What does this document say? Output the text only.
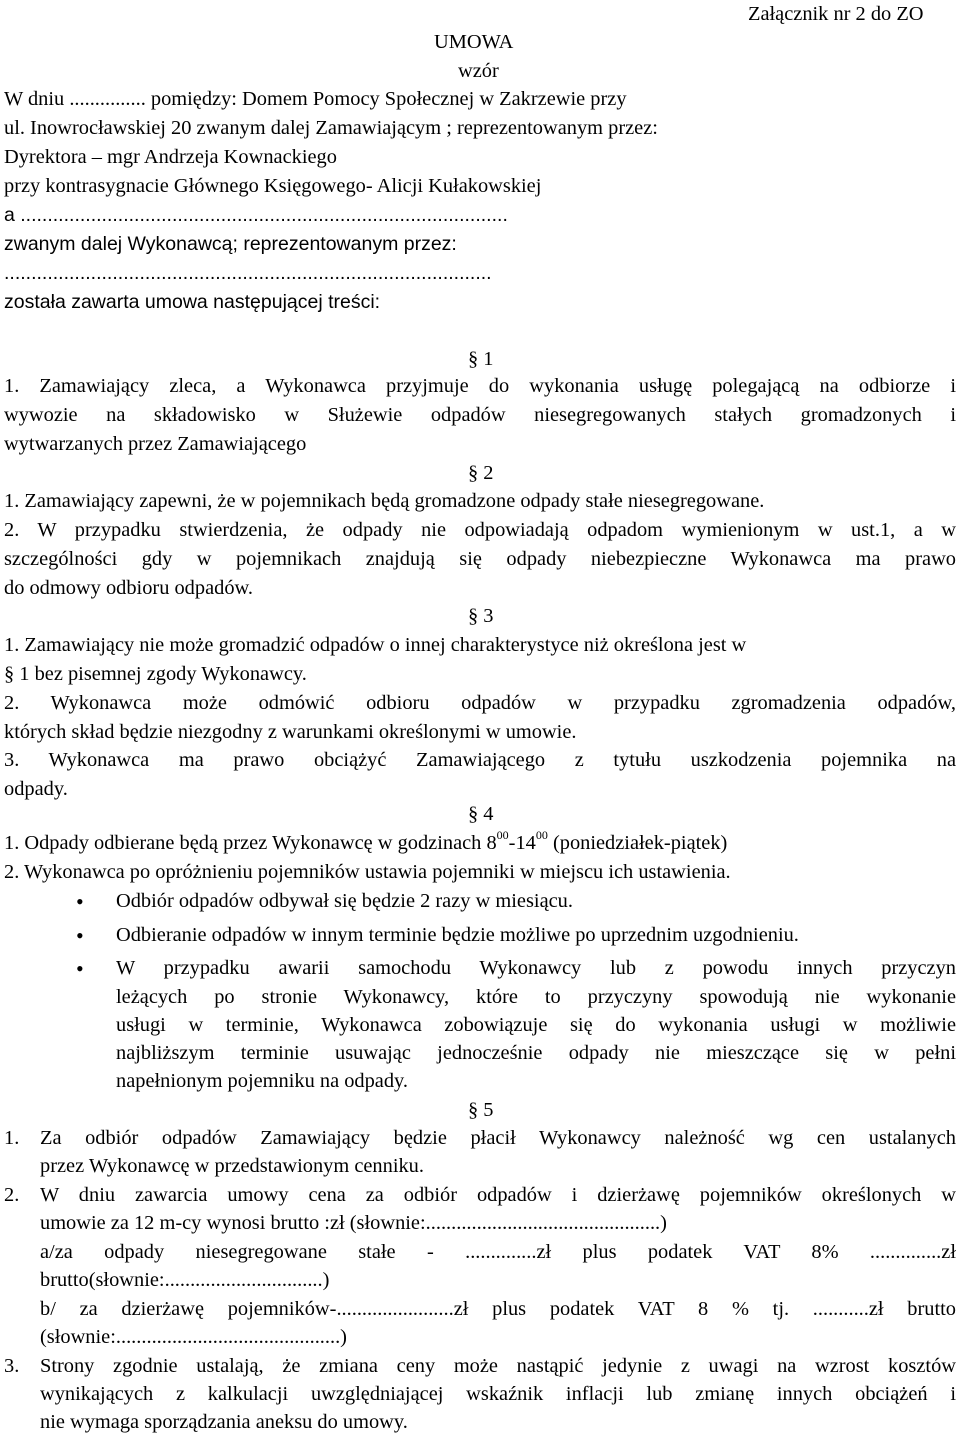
Załącznik nr 2 do ZO
UMOWA
wzór
W dniu ............... pomiędzy: Domem Pomocy Społecznej w Zakrzewie przy
ul. Inowrocławskiej 20 zwanym dalej Zamawiającym ; reprezentowanym przez:
Dyrektora – mgr Andrzeja Kownackiego
przy kontrasygnacie Głównego Księgowego- Alicji Kułakowskiej
a ..........................................................................................
zwanym dalej Wykonawcą; reprezentowanym przez:
..........................................................................................
została zawarta umowa następującej treści:
§ 1
1. Zamawiający zleca, a Wykonawca przyjmuje do wykonania usługę polegającą na odbiorze i
wywozie na składowisko w Służewie odpadów niesegregowanych stałych gromadzonych i
wytwarzanych przez Zamawiającego
§ 2
1. Zamawiający zapewni, że w pojemnikach będą gromadzone odpady stałe niesegregowane.
2. W przypadku stwierdzenia, że odpady nie odpowiadają odpadom wymienionym w ust.1, a w
szczególności gdy w pojemnikach znajdują się odpady niebezpieczne Wykonawca ma prawo
do odmowy odbioru odpadów.
§ 3
1. Zamawiający nie może gromadzić odpadów o innej charakterystyce niż określona jest w
§ 1 bez pisemnej zgody Wykonawcy.
2. Wykonawca może odmówić odbioru odpadów w przypadku zgromadzenia odpadów,
których skład będzie niezgodny z warunkami określonymi w umowie.
3. Wykonawca ma prawo obciążyć Zamawiającego z tytułu uszkodzenia pojemnika na
odpady.
§ 4
1. Odpady odbierane będą przez Wykonawcę w godzinach $8^{00}-14^{00}$ (poniedziałek-piątek)
2. Wykonawca po opróżnieniu pojemników ustawia pojemniki w miejscu ich ustawienia.
• Odbiór odpadów odbywał się będzie 2 razy w miesiącu.
• Odbieranie odpadów w innym terminie będzie możliwe po uprzednim uzgodnieniu.
• W przypadku awarii samochodu Wykonawcy lub z powodu innych przyczyn
leżących po stronie Wykonawcy, które to przyczyny spowodują nie wykonanie
usługi w terminie, Wykonawca zobowiązuje się do wykonania usługi w możliwie
najbliższym terminie usuwając jednocześnie odpady nie mieszczące się w pełni
napełnionym pojemniku na odpady.
§ 5
1. Za odbiór odpadów Zamawiający będzie płacił Wykonawcy należność wg cen ustalanych
przez Wykonawcę w przedstawionym cenniku.
2. W dniu zawarcia umowy cena za odbiór odpadów i dzierżawę pojemników określonych w
umowie za 12 m-cy wynosi brutto :zł (słownie:..............................................)
a/za odpady niesegregowane stałe - ..............zł plus podatek VAT 8% ..............zł
brutto(słownie:...............................)
b/ za dzierżawę pojemników-.......................zł plus podatek VAT 8 % tj. ...........zł brutto
(słownie:............................................)
3. Strony zgodnie ustalają, że zmiana ceny może nastąpić jedynie z uwagi na wzrost kosztów
wynikających z kalkulacji uwzględniającej wskaźnik inflacji lub zmianę innych obciążeń i
nie wymaga sporządzania aneksu do umowy.
